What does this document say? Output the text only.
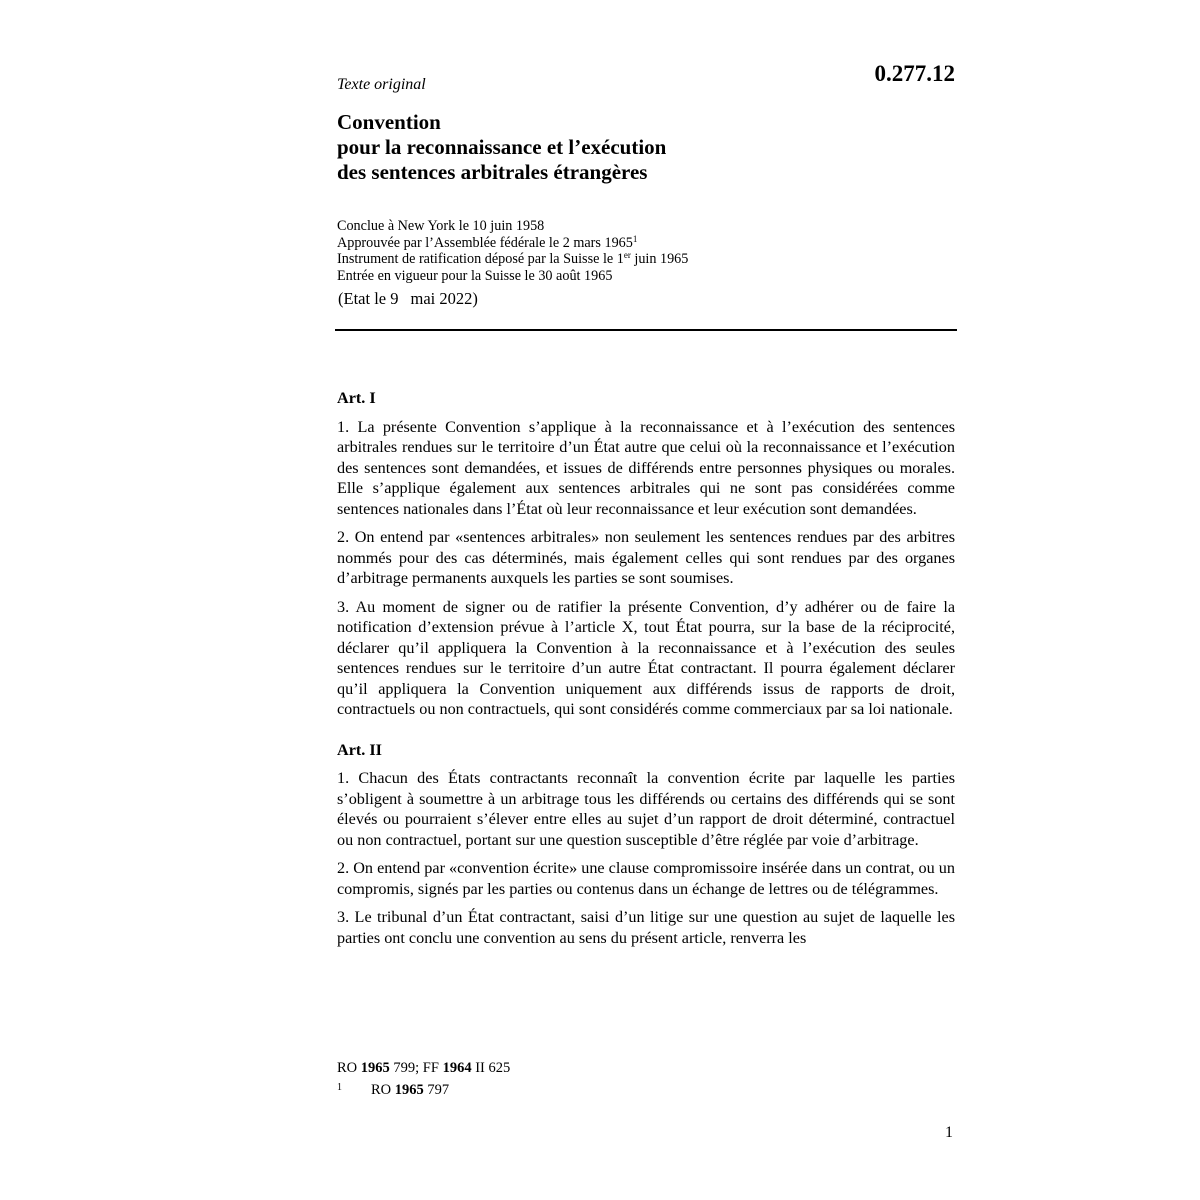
0.277.12
Texte original
Convention
pour la reconnaissance et l’exécution
des sentences arbitrales étrangères
Conclue à New York le 10 juin 1958
Approuvée par l’Assemblée fédérale le 2 mars 1965$^1$
Instrument de ratification déposé par la Suisse le 1er juin 1965
Entrée en vigueur pour la Suisse le 30 août 1965
(Etat le 9 mai 2022)
Art. I

1. La présente Convention s’applique à la reconnaissance et à l’exécution des sentences arbitrales rendues sur le territoire d’un État autre que celui où la reconnaissance et l’exécution des sentences sont demandées, et issues de différends entre personnes physiques ou morales. Elle s’applique également aux sentences arbitrales qui ne sont pas considérées comme sentences nationales dans l’État où leur reconnaissance et leur exécution sont demandées.

2. On entend par «sentences arbitrales» non seulement les sentences rendues par des arbitres nommés pour des cas déterminés, mais également celles qui sont rendues par des organes d’arbitrage permanents auxquels les parties se sont soumises.

3. Au moment de signer ou de ratifier la présente Convention, d’y adhérer ou de faire la notification d’extension prévue à l’article X, tout État pourra, sur la base de la réciprocité, déclarer qu’il appliquera la Convention à la reconnaissance et à l’exécution des seules sentences rendues sur le territoire d’un autre État contractant. Il pourra également déclarer qu’il appliquera la Convention uniquement aux différends issus de rapports de droit, contractuels ou non contractuels, qui sont considérés comme commerciaux par sa loi nationale.

Art. II

1. Chacun des États contractants reconnaît la convention écrite par laquelle les parties s’obligent à soumettre à un arbitrage tous les différends ou certains des différends qui se sont élevés ou pourraient s’élever entre elles au sujet d’un rapport de droit déterminé, contractuel ou non contractuel, portant sur une question susceptible d’être réglée par voie d’arbitrage.

2. On entend par «convention écrite» une clause compromissoire insérée dans un contrat, ou un compromis, signés par les parties ou contenus dans un échange de lettres ou de télégrammes.

3. Le tribunal d’un État contractant, saisi d’un litige sur une question au sujet de laquelle les parties ont conclu une convention au sens du présent article, renverra les

RO 1965 799; FF 1964 II 625
1 RO 1965 797
1
